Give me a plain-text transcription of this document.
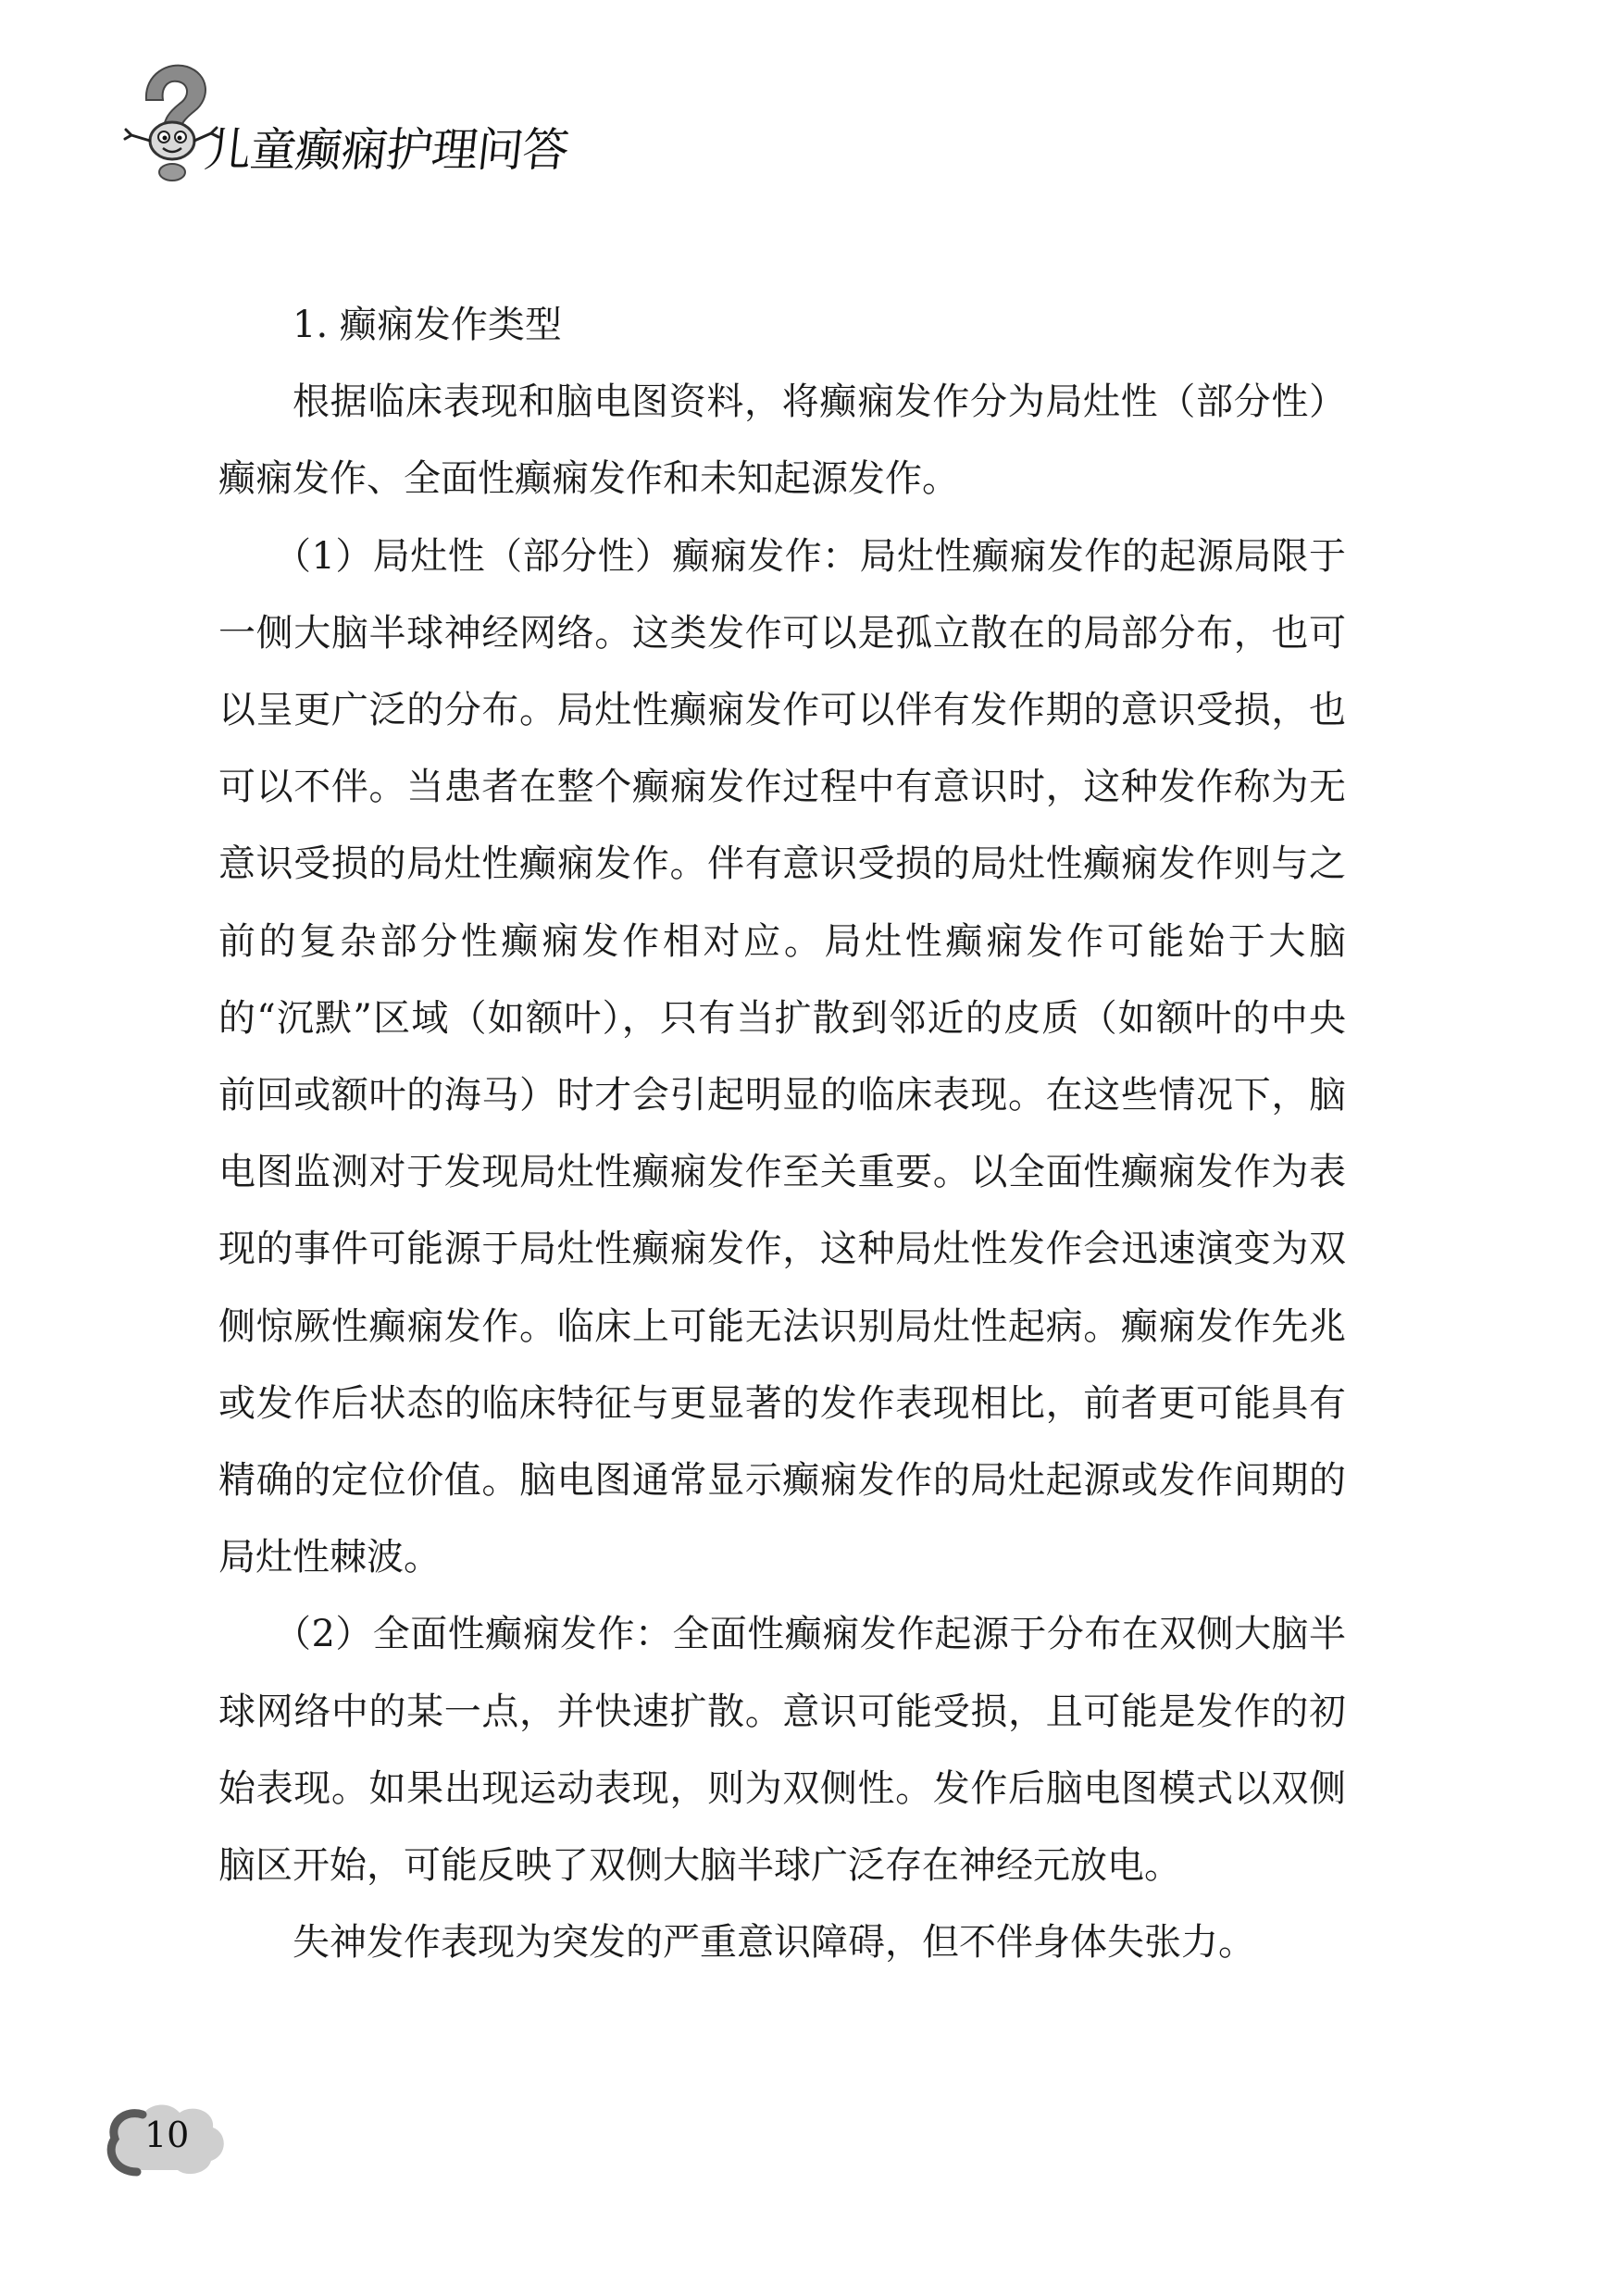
儿童癫痫护理问答

1. 癫痫发作类型

根据临床表现和脑电图资料，将癫痫发作分为局灶性（部分性）癫痫发作、全面性癫痫发作和未知起源发作。

（1）局灶性（部分性）癫痫发作：局灶性癫痫发作的起源局限于一侧大脑半球神经网络。这类发作可以是孤立散在的局部分布，也可以呈更广泛的分布。局灶性癫痫发作可以伴有发作期的意识受损，也可以不伴。当患者在整个癫痫发作过程中有意识时，这种发作称为无意识受损的局灶性癫痫发作。伴有意识受损的局灶性癫痫发作则与之前的复杂部分性癫痫发作相对应。局灶性癫痫发作可能始于大脑的“沉默”区域（如额叶），只有当扩散到邻近的皮质（如额叶的中央前回或额叶的海马）时才会引起明显的临床表现。在这些情况下，脑电图监测对于发现局灶性癫痫发作至关重要。以全面性癫痫发作为表现的事件可能源于局灶性癫痫发作，这种局灶性发作会迅速演变为双侧惊厥性癫痫发作。临床上可能无法识别局灶性起病。癫痫发作先兆或发作后状态的临床特征与更显著的发作表现相比，前者更可能具有精确的定位价值。脑电图通常显示癫痫发作的局灶起源或发作间期的局灶性棘波。

（2）全面性癫痫发作：全面性癫痫发作起源于分布在双侧大脑半球网络中的某一点，并快速扩散。意识可能受损，且可能是发作的初始表现。如果出现运动表现，则为双侧性。发作后脑电图模式以双侧脑区开始，可能反映了双侧大脑半球广泛存在神经元放电。

失神发作表现为突发的严重意识障碍，但不伴身体失张力。

10
